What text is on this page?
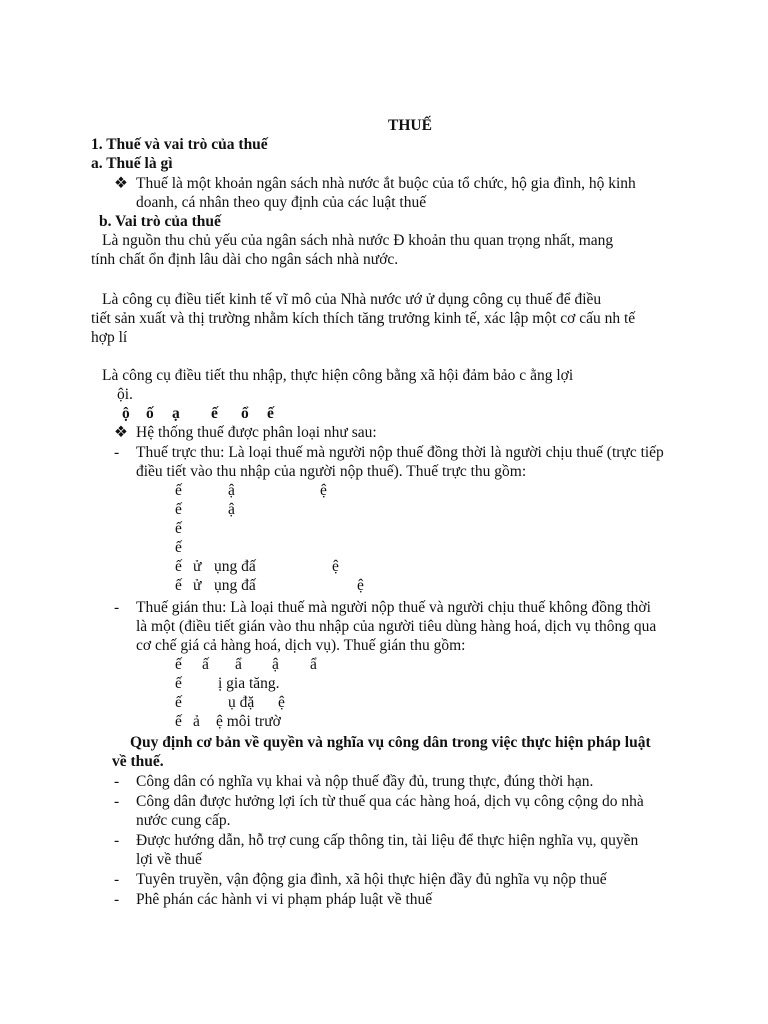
THUẾ
1. Thuế và vai trò của thuế
a. Thuế là gì
❖ Thuế là một khoản ngân sách nhà nước ắt buộc của tổ chức, hộ gia đình, hộ kinh
doanh, cá nhân theo quy định của các luật thuế
b. Vai trò của thuế
Là nguồn thu chủ yếu của ngân sách nhà nước Đ khoản thu quan trọng nhất, mang
tính chất ổn định lâu dài cho ngân sách nhà nước.
Là công cụ điều tiết kinh tế vĩ mô của Nhà nước ướ ử dụng công cụ thuế để điều
tiết sản xuất và thị trường nhằm kích thích tăng trưởng kinh tế, xác lập một cơ cấu nh tế
hợp lí
Là công cụ điều tiết thu nhập, thực hiện công bằng xã hội đảm bảo c ằng lợi
ội.
ộ ố ạ ế ổ ế
❖ Hệ thống thuế được phân loại như sau:
- Thuế trực thu: Là loại thuế mà người nộp thuế đồng thời là người chịu thuế (trực tiếp
điều tiết vào thu nhập của người nộp thuế). Thuế trực thu gồm:
ế	ậ	ệ
ế	ậ
ế
ế
ế ử ụng đấ	ệ
ế ử ụng đấ	ệ
- Thuế gián thu: Là loại thuế mà người nộp thuế và người chịu thuế không đồng thời
là một (điều tiết gián vào thu nhập của người tiêu dùng hàng hoá, dịch vụ thông qua
cơ chế giá cả hàng hoá, dịch vụ). Thuế gián thu gồm:
ế ấ ẩ ậ ẩ
ế ị gia tăng.
ế	ụ đặ ệ
ế ả ệ môi trườ
Quy định cơ bản về quyền và nghĩa vụ công dân trong việc thực hiện pháp luật
về thuế.
- Công dân có nghĩa vụ khai và nộp thuế đầy đủ, trung thực, đúng thời hạn.
- Công dân được hưởng lợi ích từ thuế qua các hàng hoá, dịch vụ công cộng do nhà
nước cung cấp.
- Được hướng dẫn, hỗ trợ cung cấp thông tin, tài liệu để thực hiện nghĩa vụ, quyền
lợi về thuế
- Tuyên truyền, vận động gia đình, xã hội thực hiện đầy đủ nghĩa vụ nộp thuế
- Phê phán các hành vi vi phạm pháp luật về thuế
